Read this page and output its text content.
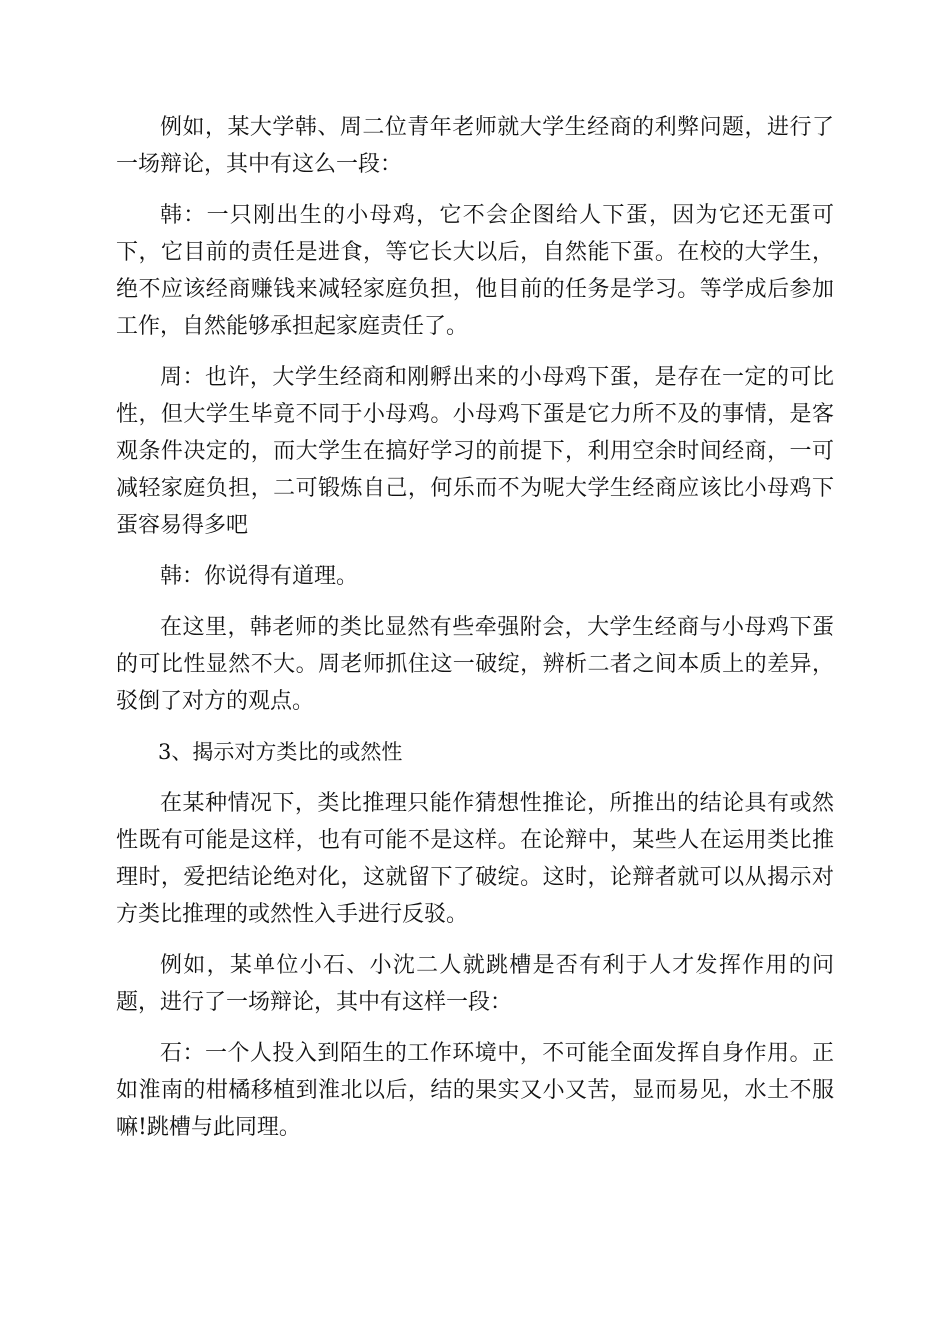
例如，某大学韩、周二位青年老师就大学生经商的利弊问题，进行了一场辩论，其中有这么一段：

韩：一只刚出生的小母鸡，它不会企图给人下蛋，因为它还无蛋可下，它目前的责任是进食，等它长大以后，自然能下蛋。在校的大学生，绝不应该经商赚钱来减轻家庭负担，他目前的任务是学习。等学成后参加工作，自然能够承担起家庭责任了。

周：也许，大学生经商和刚孵出来的小母鸡下蛋，是存在一定的可比性，但大学生毕竟不同于小母鸡。小母鸡下蛋是它力所不及的事情，是客观条件决定的，而大学生在搞好学习的前提下，利用空余时间经商，一可减轻家庭负担，二可锻炼自己，何乐而不为呢大学生经商应该比小母鸡下蛋容易得多吧

韩：你说得有道理。

在这里，韩老师的类比显然有些牵强附会，大学生经商与小母鸡下蛋的可比性显然不大。周老师抓住这一破绽，辨析二者之间本质上的差异，驳倒了对方的观点。

3、揭示对方类比的或然性

在某种情况下，类比推理只能作猜想性推论，所推出的结论具有或然性既有可能是这样，也有可能不是这样。在论辩中，某些人在运用类比推理时，爱把结论绝对化，这就留下了破绽。这时，论辩者就可以从揭示对方类比推理的或然性入手进行反驳。

例如，某单位小石、小沈二人就跳槽是否有利于人才发挥作用的问题，进行了一场辩论，其中有这样一段：

石：一个人投入到陌生的工作环境中，不可能全面发挥自身作用。正如淮南的柑橘移植到淮北以后，结的果实又小又苦，显而易见，水土不服嘛!跳槽与此同理。
